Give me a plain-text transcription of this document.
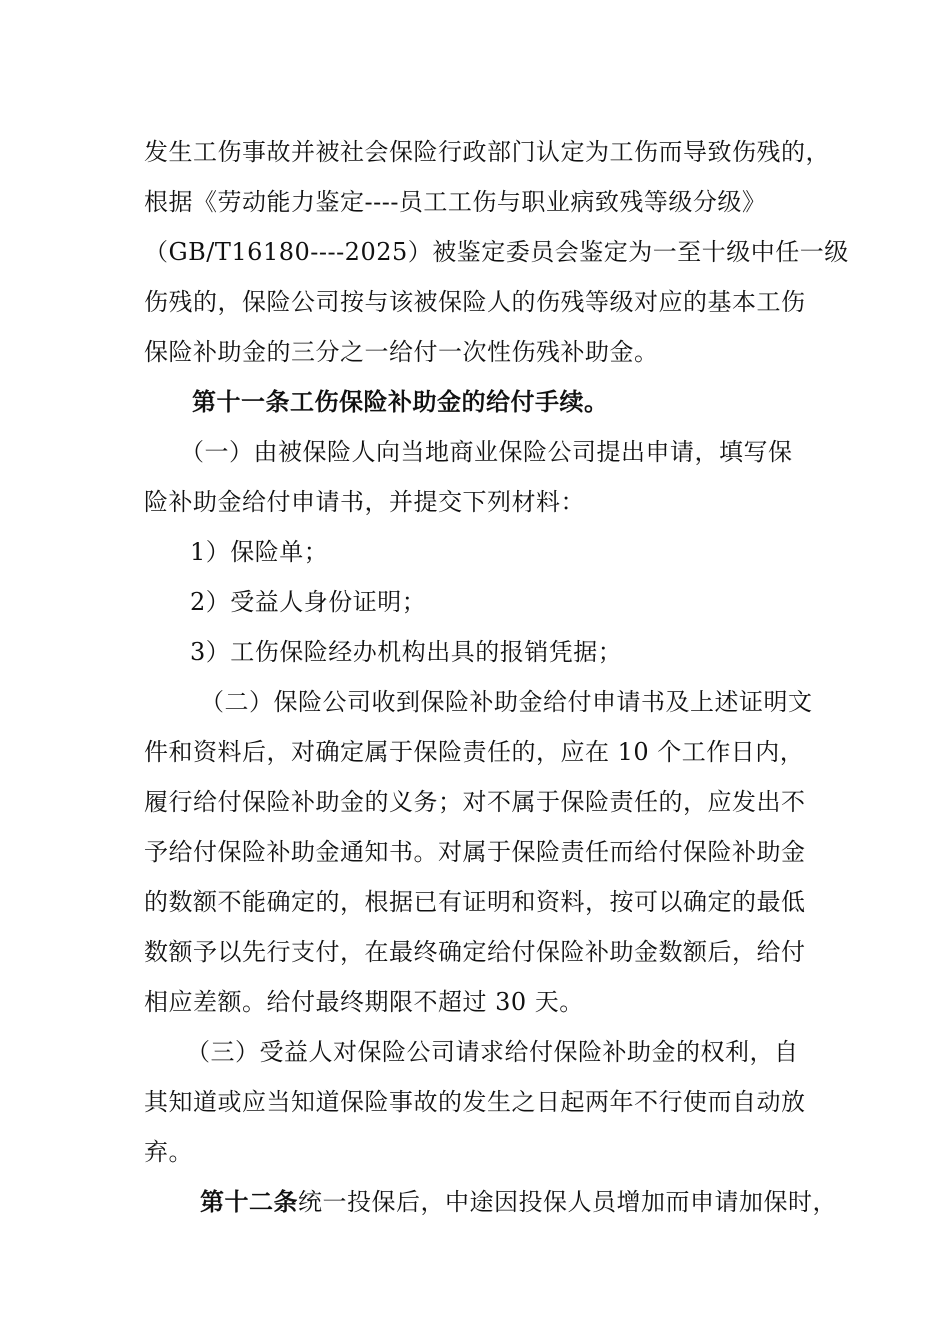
发生工伤事故并被社会保险行政部门认定为工伤而导致伤残的，
根据《劳动能力鉴定----员工工伤与职业病致残等级分级》
（GB/T16180----2025）被鉴定委员会鉴定为一至十级中任一级
伤残的，保险公司按与该被保险人的伤残等级对应的基本工伤
保险补助金的三分之一给付一次性伤残补助金。
第十一条工伤保险补助金的给付手续。
（一）由被保险人向当地商业保险公司提出申请，填写保
险补助金给付申请书，并提交下列材料：
1）保险单；
2）受益人身份证明；
3）工伤保险经办机构出具的报销凭据；
（二）保险公司收到保险补助金给付申请书及上述证明文
件和资料后，对确定属于保险责任的，应在 10 个工作日内，
履行给付保险补助金的义务；对不属于保险责任的，应发出不
予给付保险补助金通知书。对属于保险责任而给付保险补助金
的数额不能确定的，根据已有证明和资料，按可以确定的最低
数额予以先行支付，在最终确定给付保险补助金数额后，给付
相应差额。给付最终期限不超过 30 天。
（三）受益人对保险公司请求给付保险补助金的权利，自
其知道或应当知道保险事故的发生之日起两年不行使而自动放
弃。
第十二条统一投保后，中途因投保人员增加而申请加保时，
